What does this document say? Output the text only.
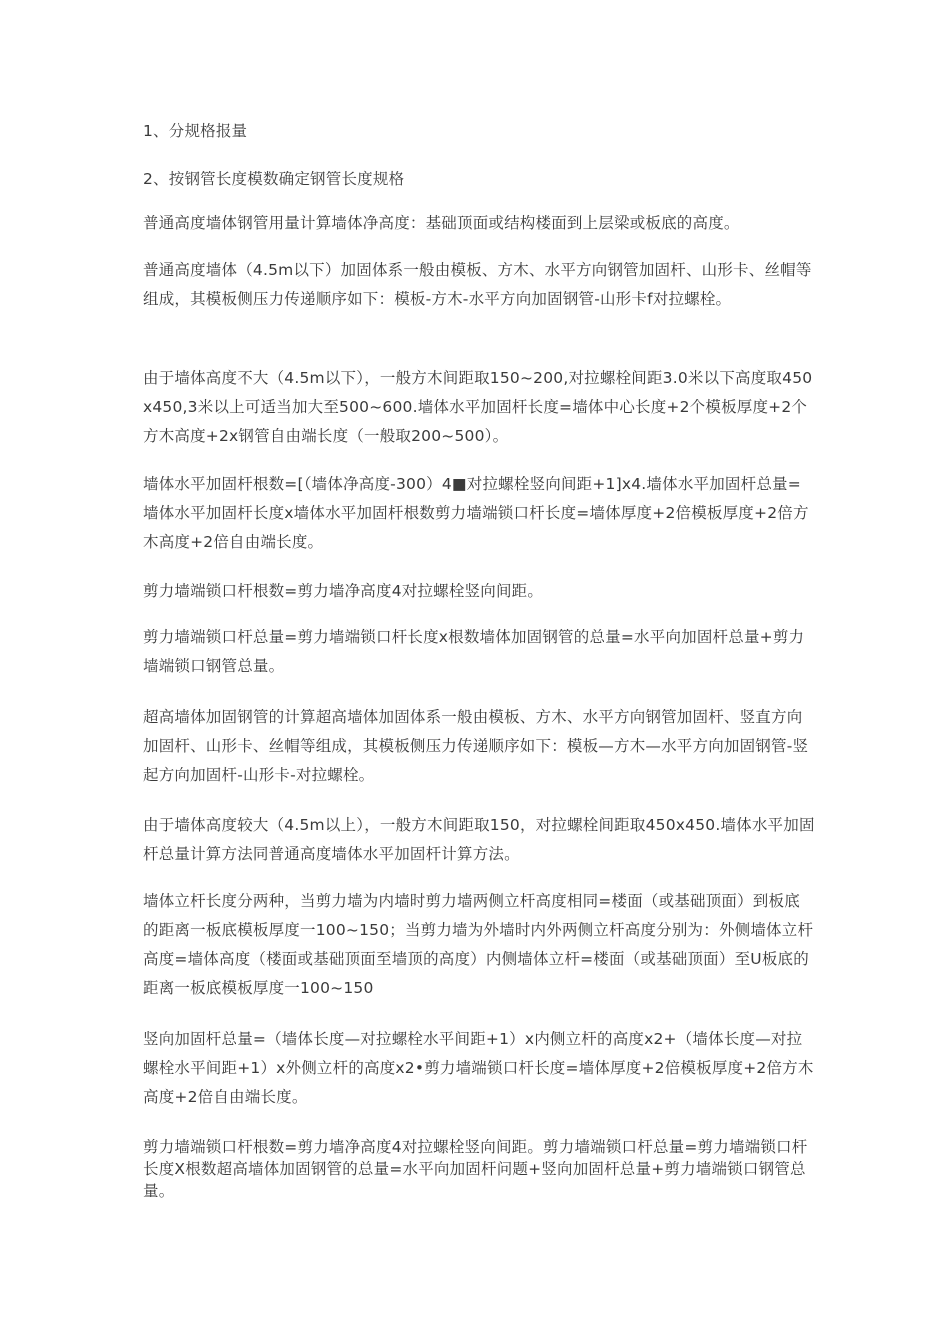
1、分规格报量

2、按钢管长度模数确定钢管长度规格

普通高度墙体钢管用量计算墙体净高度：基础顶面或结构楼面到上层梁或板底的高度。

普通高度墙体（4.5m以下）加固体系一般由模板、方木、水平方向钢管加固杆、山形卡、丝帽等组成，其模板侧压力传递顺序如下：模板-方木-水平方向加固钢管-山形卡f对拉螺栓。

由于墙体高度不大（4.5m以下），一般方木间距取150~200,对拉螺栓间距3.0米以下高度取450x450,3米以上可适当加大至500~600.墙体水平加固杆长度=墙体中心长度+2个模板厚度+2个方木高度+2x钢管自由端长度（一般取200~500）。

墙体水平加固杆根数=[（墙体净高度-300）4■对拉螺栓竖向间距+1]x4.墙体水平加固杆总量=墙体水平加固杆长度x墙体水平加固杆根数剪力墙端锁口杆长度=墙体厚度+2倍模板厚度+2倍方木高度+2倍自由端长度。

剪力墙端锁口杆根数=剪力墙净高度4对拉螺栓竖向间距。

剪力墙端锁口杆总量=剪力墙端锁口杆长度x根数墙体加固钢管的总量=水平向加固杆总量+剪力墙端锁口钢管总量。

超高墙体加固钢管的计算超高墙体加固体系一般由模板、方木、水平方向钢管加固杆、竖直方向加固杆、山形卡、丝帽等组成，其模板侧压力传递顺序如下：模板—方木—水平方向加固钢管-竖起方向加固杆-山形卡-对拉螺栓。

由于墙体高度较大（4.5m以上），一般方木间距取150，对拉螺栓间距取450x450.墙体水平加固杆总量计算方法同普通高度墙体水平加固杆计算方法。

墙体立杆长度分两种，当剪力墙为内墙时剪力墙两侧立杆高度相同=楼面（或基础顶面）到板底的距离一板底模板厚度一100~150；当剪力墙为外墙时内外两侧立杆高度分别为：外侧墙体立杆高度=墙体高度（楼面或基础顶面至墙顶的高度）内侧墙体立杆=楼面（或基础顶面）至U板底的距离一板底模板厚度一100~150

竖向加固杆总量=（墙体长度—对拉螺栓水平间距+1）x内侧立杆的高度x2+（墙体长度—对拉螺栓水平间距+1）x外侧立杆的高度x2•剪力墙端锁口杆长度=墙体厚度+2倍模板厚度+2倍方木高度+2倍自由端长度。

剪力墙端锁口杆根数=剪力墙净高度4对拉螺栓竖向间距。剪力墙端锁口杆总量=剪力墙端锁口杆长度X根数超高墙体加固钢管的总量=水平向加固杆问题+竖向加固杆总量+剪力墙端锁口钢管总量。
